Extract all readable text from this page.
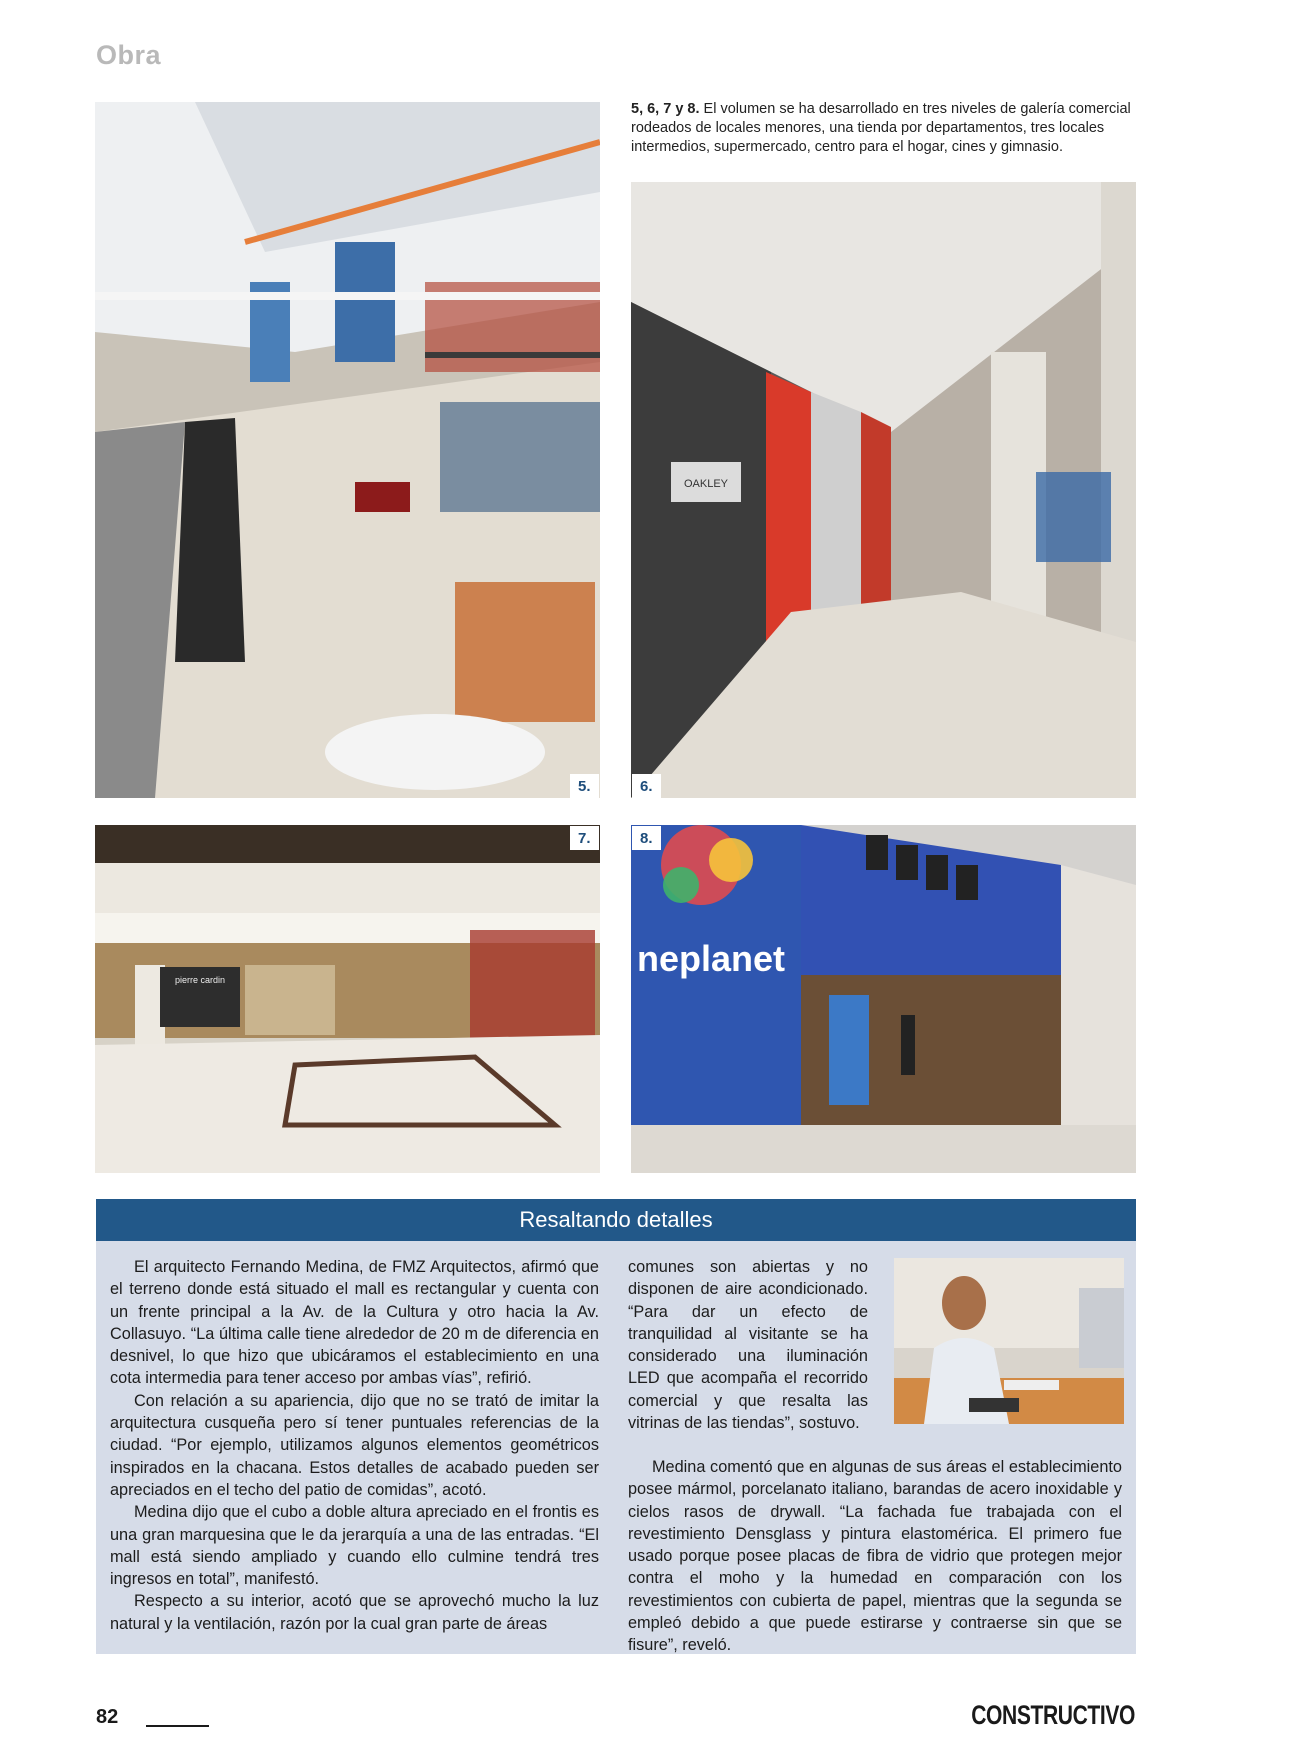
Obra
5.
5, 6, 7 y 8. El volumen se ha desarrollado en tres niveles de galería comercial rodeados de locales menores, una tienda por departamentos, tres locales intermedios, supermercado, centro para el hogar, cines y gimnasio.
OAKLEY
6.
pierre cardin
7.
neplanet
8.
Resaltando detalles

El arquitecto Fernando Medina, de FMZ Arquitectos, afirmó que el terreno donde está situado el mall es rectangular y cuenta con un frente principal a la Av. de la Cultura y otro hacia la Av. Collasuyo. “La última calle tiene alrededor de 20 m de diferencia en desnivel, lo que hizo que ubicáramos el establecimiento en una cota intermedia para tener acceso por ambas vías”, refirió.

Con relación a su apariencia, dijo que no se trató de imitar la arquitectura cusqueña pero sí tener puntuales referencias de la ciudad. “Por ejemplo, utilizamos algunos elementos geométricos inspirados en la chacana. Estos detalles de acabado pueden ser apreciados en el techo del patio de comidas”, acotó.

Medina dijo que el cubo a doble altura apreciado en el frontis es una gran marquesina que le da jerarquía a una de las entradas. “El mall está siendo ampliado y cuando ello culmine tendrá tres ingresos en total”, manifestó.

Respecto a su interior, acotó que se aprovechó mucho la luz natural y la ventilación, razón por la cual gran parte de áreas

comunes son abiertas y no disponen de aire acondicionado. “Para dar un efecto de tranquilidad al visitante se ha considerado una iluminación LED que acompaña el recorrido comercial y que resalta las vitrinas de las tiendas”, sostuvo.

Medina comentó que en algunas de sus áreas el establecimiento posee mármol, porcelanato italiano, barandas de acero inoxidable y cielos rasos de drywall. “La fachada fue trabajada con el revestimiento Densglass y pintura elastomérica. El primero fue usado porque posee placas de fibra de vidrio que protegen mejor contra el moho y la humedad en comparación con los revestimientos con cubierta de papel, mientras que la segunda se empleó debido a que puede estirarse y contraerse sin que se fisure”, reveló.

82	CONSTRUCTIVO
